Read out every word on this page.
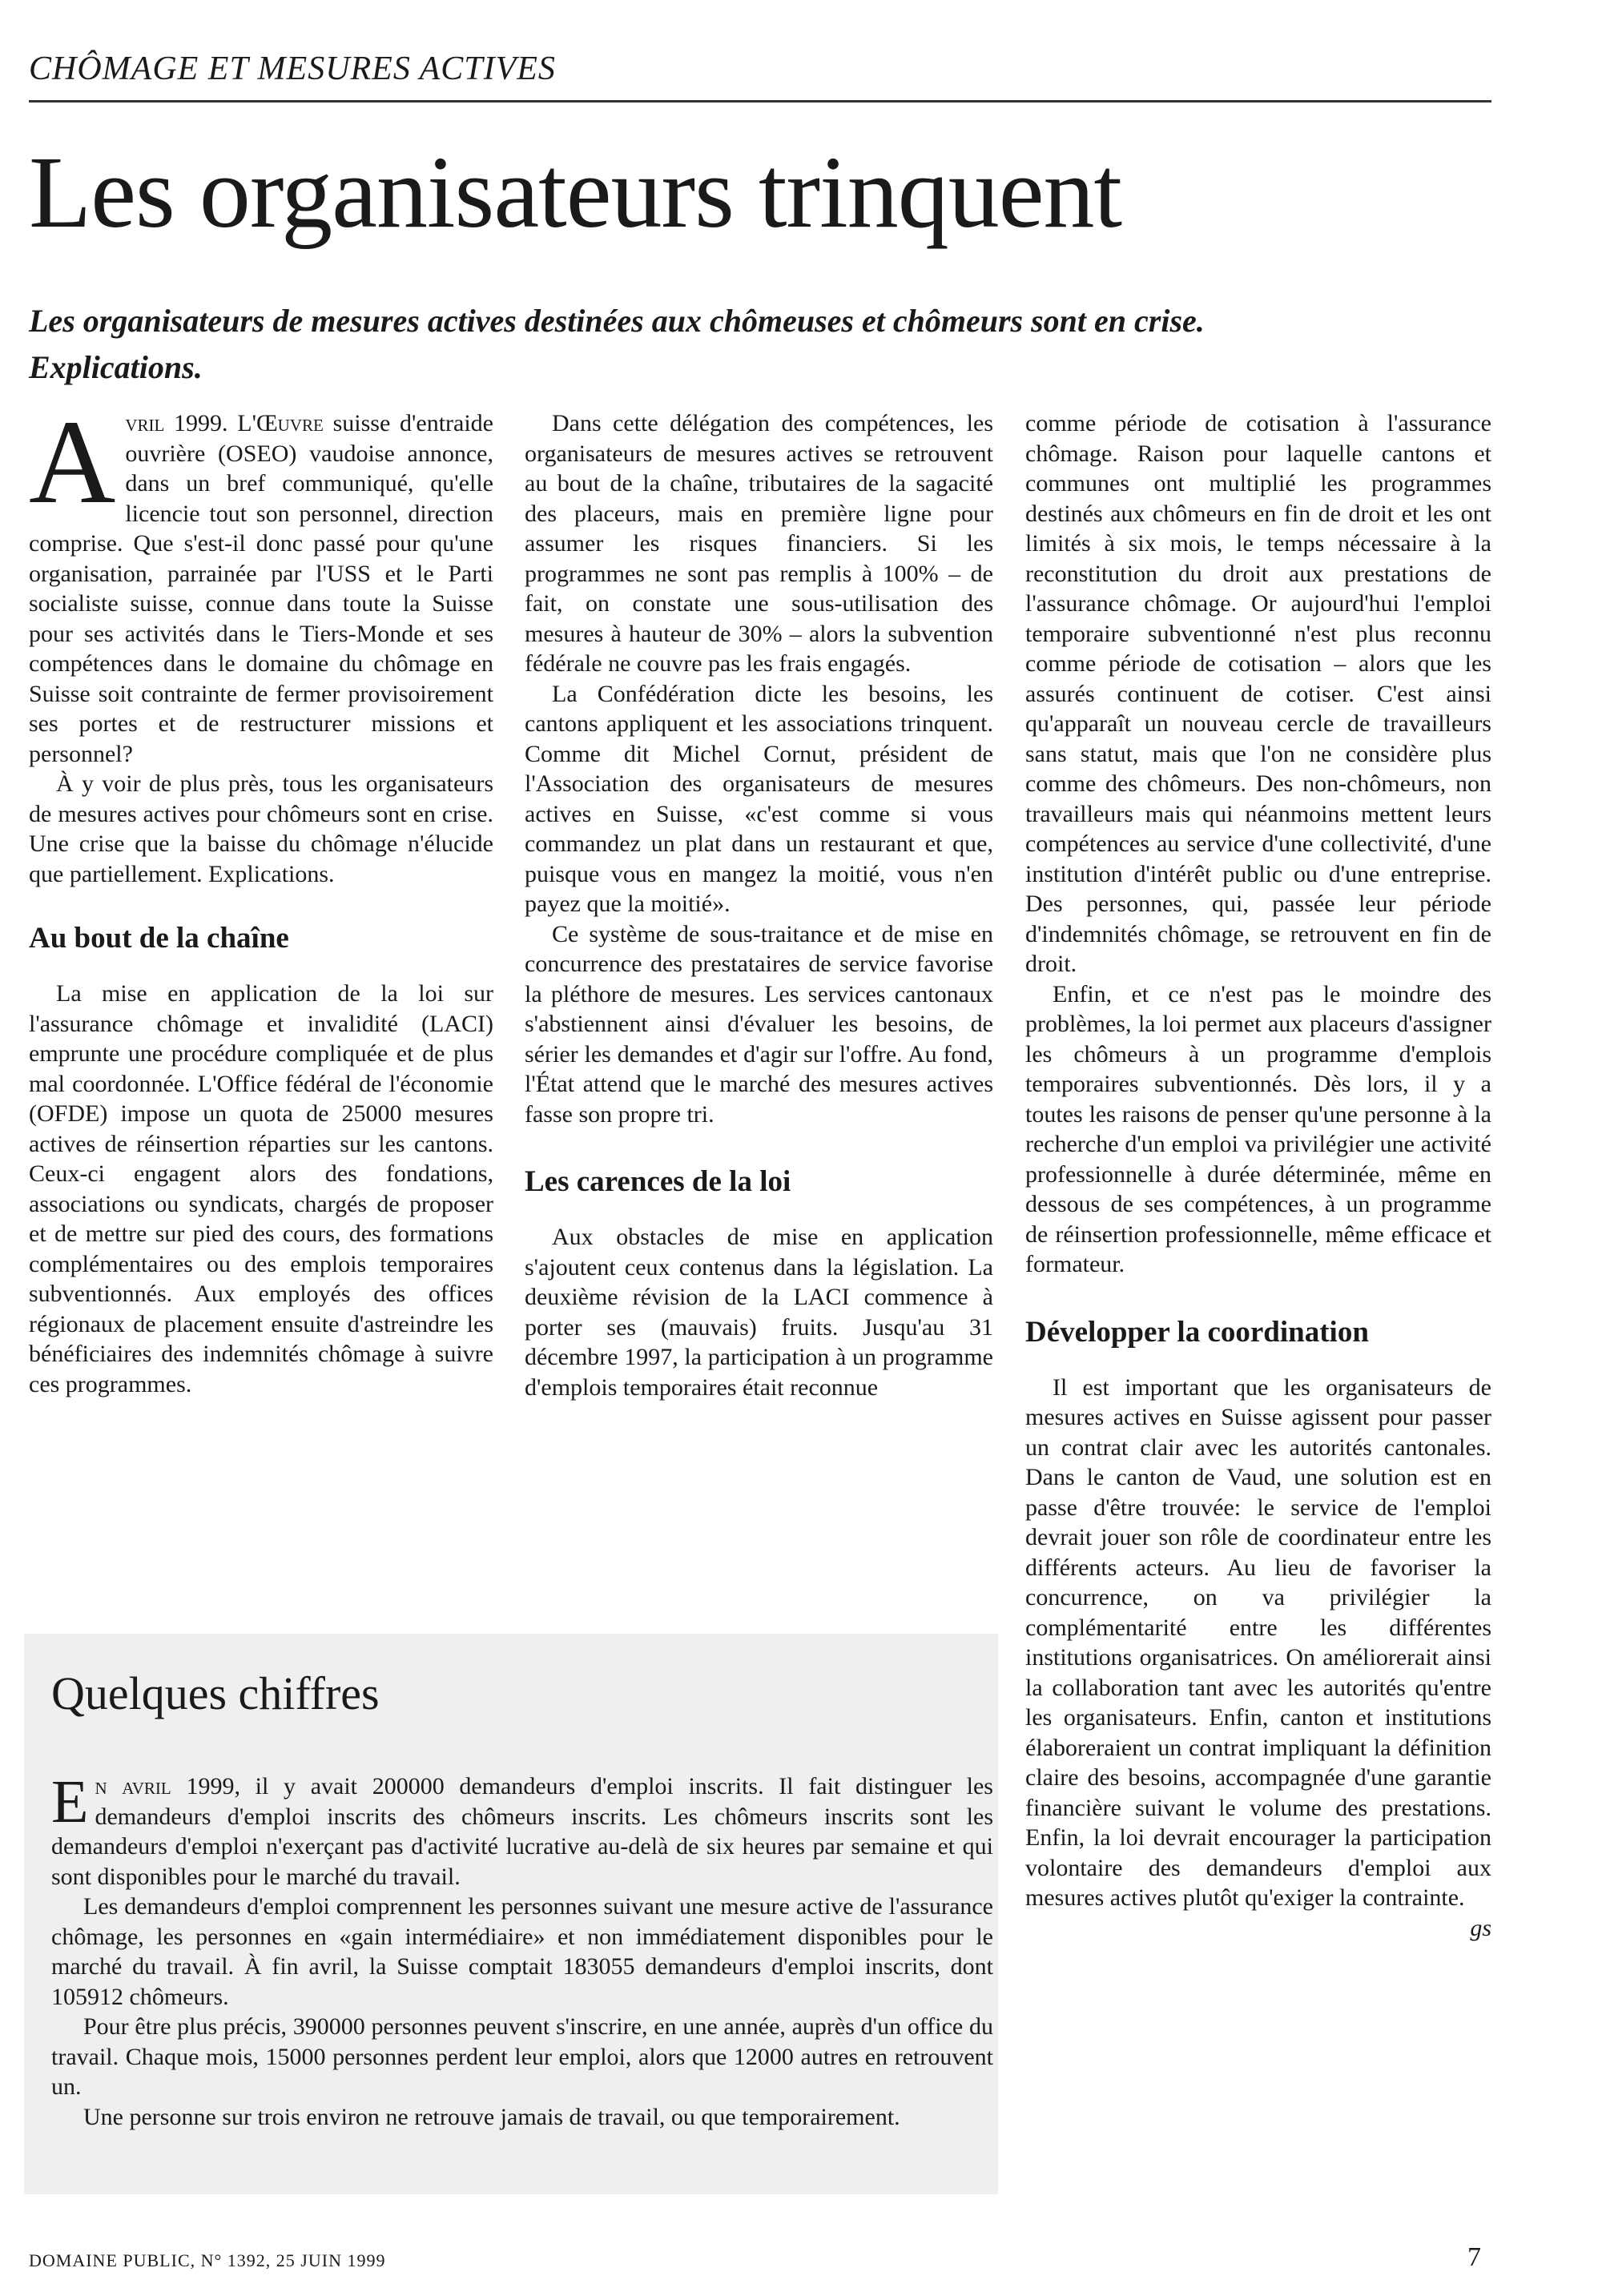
CHÔMAGE ET MESURES ACTIVES
Les organisateurs trinquent
Les organisateurs de mesures actives destinées aux chômeuses et chômeurs sont en crise. Explications.

Avril 1999. L'Œuvre suisse d'entraide ouvrière (OSEO) vaudoise annonce, dans un bref communiqué, qu'elle licencie tout son personnel, direction comprise. Que s'est-il donc passé pour qu'une organisation, parrainée par l'USS et le Parti socialiste suisse, connue dans toute la Suisse pour ses activités dans le Tiers-Monde et ses compétences dans le domaine du chômage en Suisse soit contrainte de fermer provisoirement ses portes et de restructurer missions et personnel?

À y voir de plus près, tous les organisateurs de mesures actives pour chômeurs sont en crise. Une crise que la baisse du chômage n'élucide que partiellement. Explications.

Au bout de la chaîne

La mise en application de la loi sur l'assurance chômage et invalidité (LACI) emprunte une procédure compliquée et de plus mal coordonnée. L'Office fédéral de l'économie (OFDE) impose un quota de 25000 mesures actives de réinsertion réparties sur les cantons. Ceux-ci engagent alors des fondations, associations ou syndicats, chargés de proposer et de mettre sur pied des cours, des formations complémentaires ou des emplois temporaires subventionnés. Aux employés des offices régionaux de placement ensuite d'astreindre les bénéficiaires des indemnités chômage à suivre ces programmes.

Dans cette délégation des compétences, les organisateurs de mesures actives se retrouvent au bout de la chaîne, tributaires de la sagacité des placeurs, mais en première ligne pour assumer les risques financiers. Si les programmes ne sont pas remplis à 100% – de fait, on constate une sous-utilisation des mesures à hauteur de 30% – alors la subvention fédérale ne couvre pas les frais engagés.

La Confédération dicte les besoins, les cantons appliquent et les associations trinquent. Comme dit Michel Cornut, président de l'Association des organisateurs de mesures actives en Suisse, «c'est comme si vous commandez un plat dans un restaurant et que, puisque vous en mangez la moitié, vous n'en payez que la moitié».

Ce système de sous-traitance et de mise en concurrence des prestataires de service favorise la pléthore de mesures. Les services cantonaux s'abstiennent ainsi d'évaluer les besoins, de sérier les demandes et d'agir sur l'offre. Au fond, l'État attend que le marché des mesures actives fasse son propre tri.

Les carences de la loi

Aux obstacles de mise en application s'ajoutent ceux contenus dans la législation. La deuxième révision de la LACI commence à porter ses (mauvais) fruits. Jusqu'au 31 décembre 1997, la participation à un programme d'emplois temporaires était reconnue

comme période de cotisation à l'assurance chômage. Raison pour laquelle cantons et communes ont multiplié les programmes destinés aux chômeurs en fin de droit et les ont limités à six mois, le temps nécessaire à la reconstitution du droit aux prestations de l'assurance chômage. Or aujourd'hui l'emploi temporaire subventionné n'est plus reconnu comme période de cotisation – alors que les assurés continuent de cotiser. C'est ainsi qu'apparaît un nouveau cercle de travailleurs sans statut, mais que l'on ne considère plus comme des chômeurs. Des non-chômeurs, non travailleurs mais qui néanmoins mettent leurs compétences au service d'une collectivité, d'une institution d'intérêt public ou d'une entreprise. Des personnes, qui, passée leur période d'indemnités chômage, se retrouvent en fin de droit.

Enfin, et ce n'est pas le moindre des problèmes, la loi permet aux placeurs d'assigner les chômeurs à un programme d'emplois temporaires subventionnés. Dès lors, il y a toutes les raisons de penser qu'une personne à la recherche d'un emploi va privilégier une activité professionnelle à durée déterminée, même en dessous de ses compétences, à un programme de réinsertion professionnelle, même efficace et formateur.

Développer la coordination

Il est important que les organisateurs de mesures actives en Suisse agissent pour passer un contrat clair avec les autorités cantonales. Dans le canton de Vaud, une solution est en passe d'être trouvée: le service de l'emploi devrait jouer son rôle de coordinateur entre les différents acteurs. Au lieu de favoriser la concurrence, on va privilégier la complémentarité entre les différentes institutions organisatrices. On améliorerait ainsi la collaboration tant avec les autorités qu'entre les organisateurs. Enfin, canton et institutions élaboreraient un contrat impliquant la définition claire des besoins, accompagnée d'une garantie financière suivant le volume des prestations. Enfin, la loi devrait encourager la participation volontaire des demandeurs d'emploi aux mesures actives plutôt qu'exiger la contrainte.
gs

Quelques chiffres

En avril 1999, il y avait 200000 demandeurs d'emploi inscrits. Il fait distinguer les demandeurs d'emploi inscrits des chômeurs inscrits. Les chômeurs inscrits sont les demandeurs d'emploi n'exerçant pas d'activité lucrative au-delà de six heures par semaine et qui sont disponibles pour le marché du travail.

Les demandeurs d'emploi comprennent les personnes suivant une mesure active de l'assurance chômage, les personnes en «gain intermédiaire» et non immédiatement disponibles pour le marché du travail. À fin avril, la Suisse comptait 183055 demandeurs d'emploi inscrits, dont 105912 chômeurs.

Pour être plus précis, 390000 personnes peuvent s'inscrire, en une année, auprès d'un office du travail. Chaque mois, 15000 personnes perdent leur emploi, alors que 12000 autres en retrouvent un.

Une personne sur trois environ ne retrouve jamais de travail, ou que temporairement.

DOMAINE PUBLIC, N° 1392, 25 JUIN 1999	7
